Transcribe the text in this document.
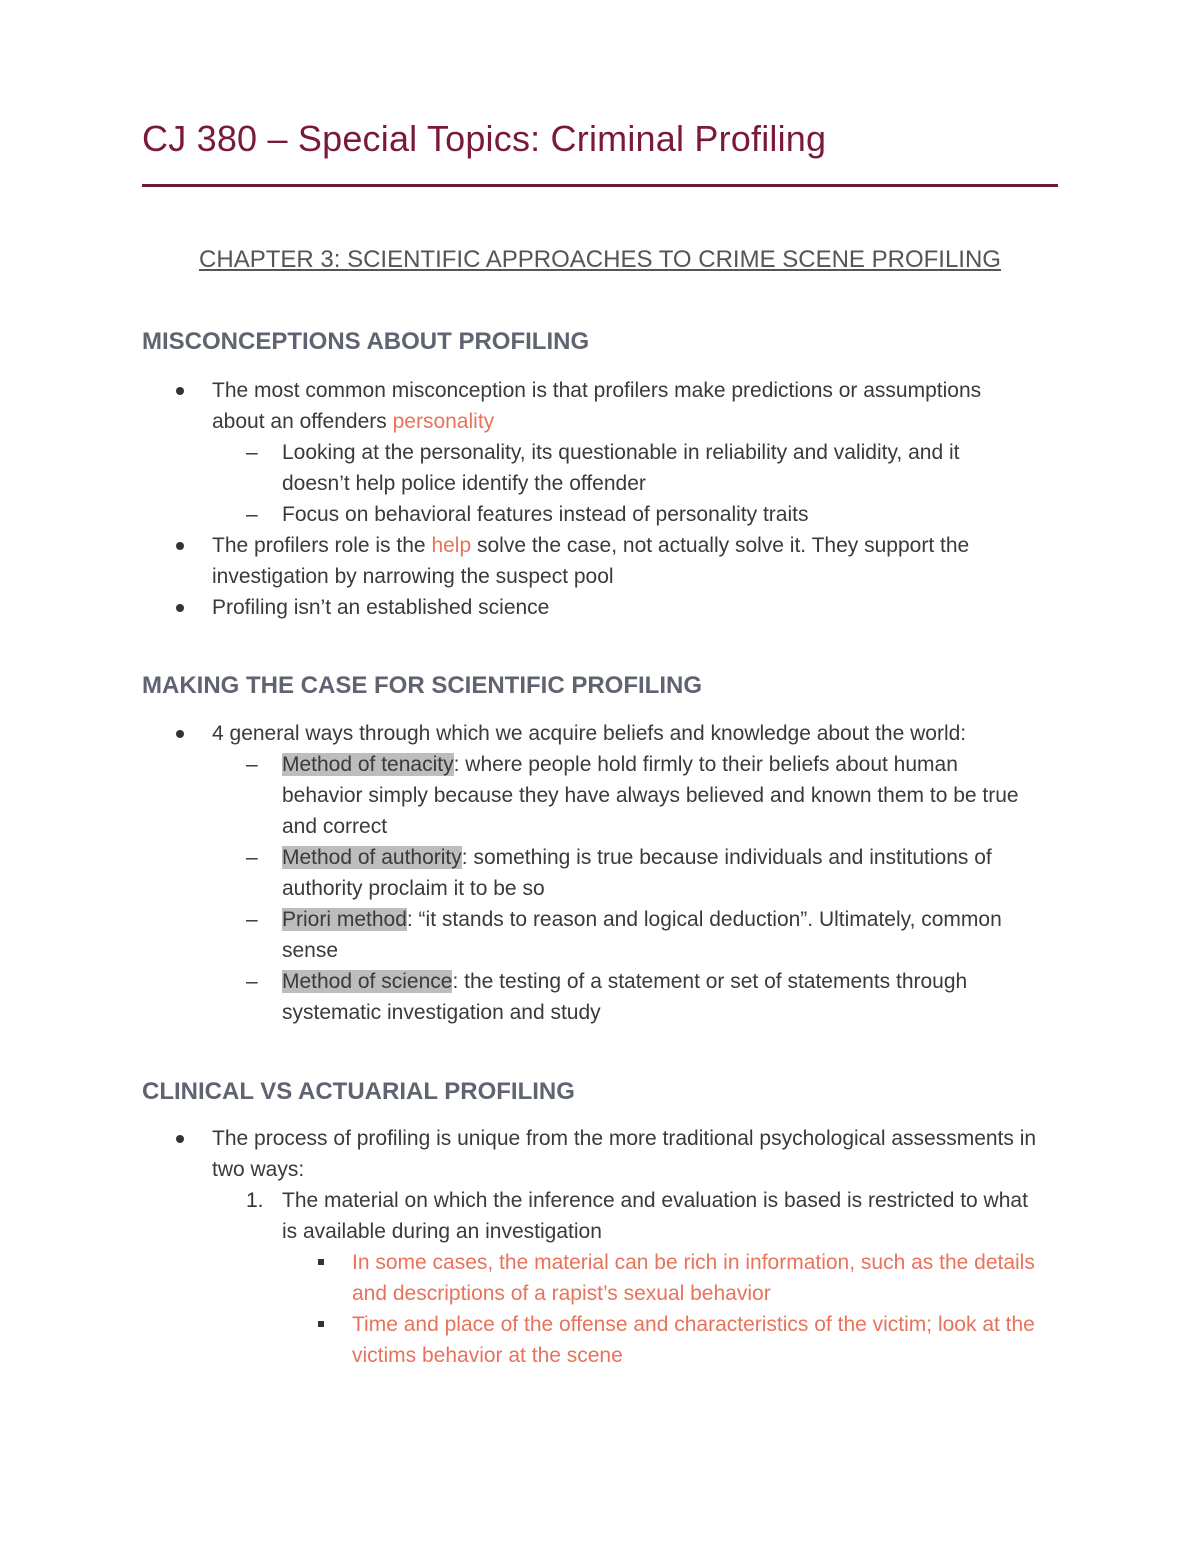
CJ 380 – Special Topics: Criminal Profiling
CHAPTER 3: SCIENTIFIC APPROACHES TO CRIME SCENE PROFILING
MISCONCEPTIONS ABOUT PROFILING
The most common misconception is that profilers make predictions or assumptions
about an offenders personality
– Looking at the personality, its questionable in reliability and validity, and it
doesn’t help police identify the offender
– Focus on behavioral features instead of personality traits
The profilers role is the help solve the case, not actually solve it. They support the
investigation by narrowing the suspect pool
Profiling isn’t an established science
MAKING THE CASE FOR SCIENTIFIC PROFILING
4 general ways through which we acquire beliefs and knowledge about the world:
– Method of tenacity: where people hold firmly to their beliefs about human
behavior simply because they have always believed and known them to be true
and correct
– Method of authority: something is true because individuals and institutions of
authority proclaim it to be so
– Priori method: “it stands to reason and logical deduction”. Ultimately, common
sense
– Method of science: the testing of a statement or set of statements through
systematic investigation and study
CLINICAL VS ACTUARIAL PROFILING
The process of profiling is unique from the more traditional psychological assessments in
two ways:
1. The material on which the inference and evaluation is based is restricted to what
is available during an investigation
In some cases, the material can be rich in information, such as the details
and descriptions of a rapist’s sexual behavior
Time and place of the offense and characteristics of the victim; look at the
victims behavior at the scene
